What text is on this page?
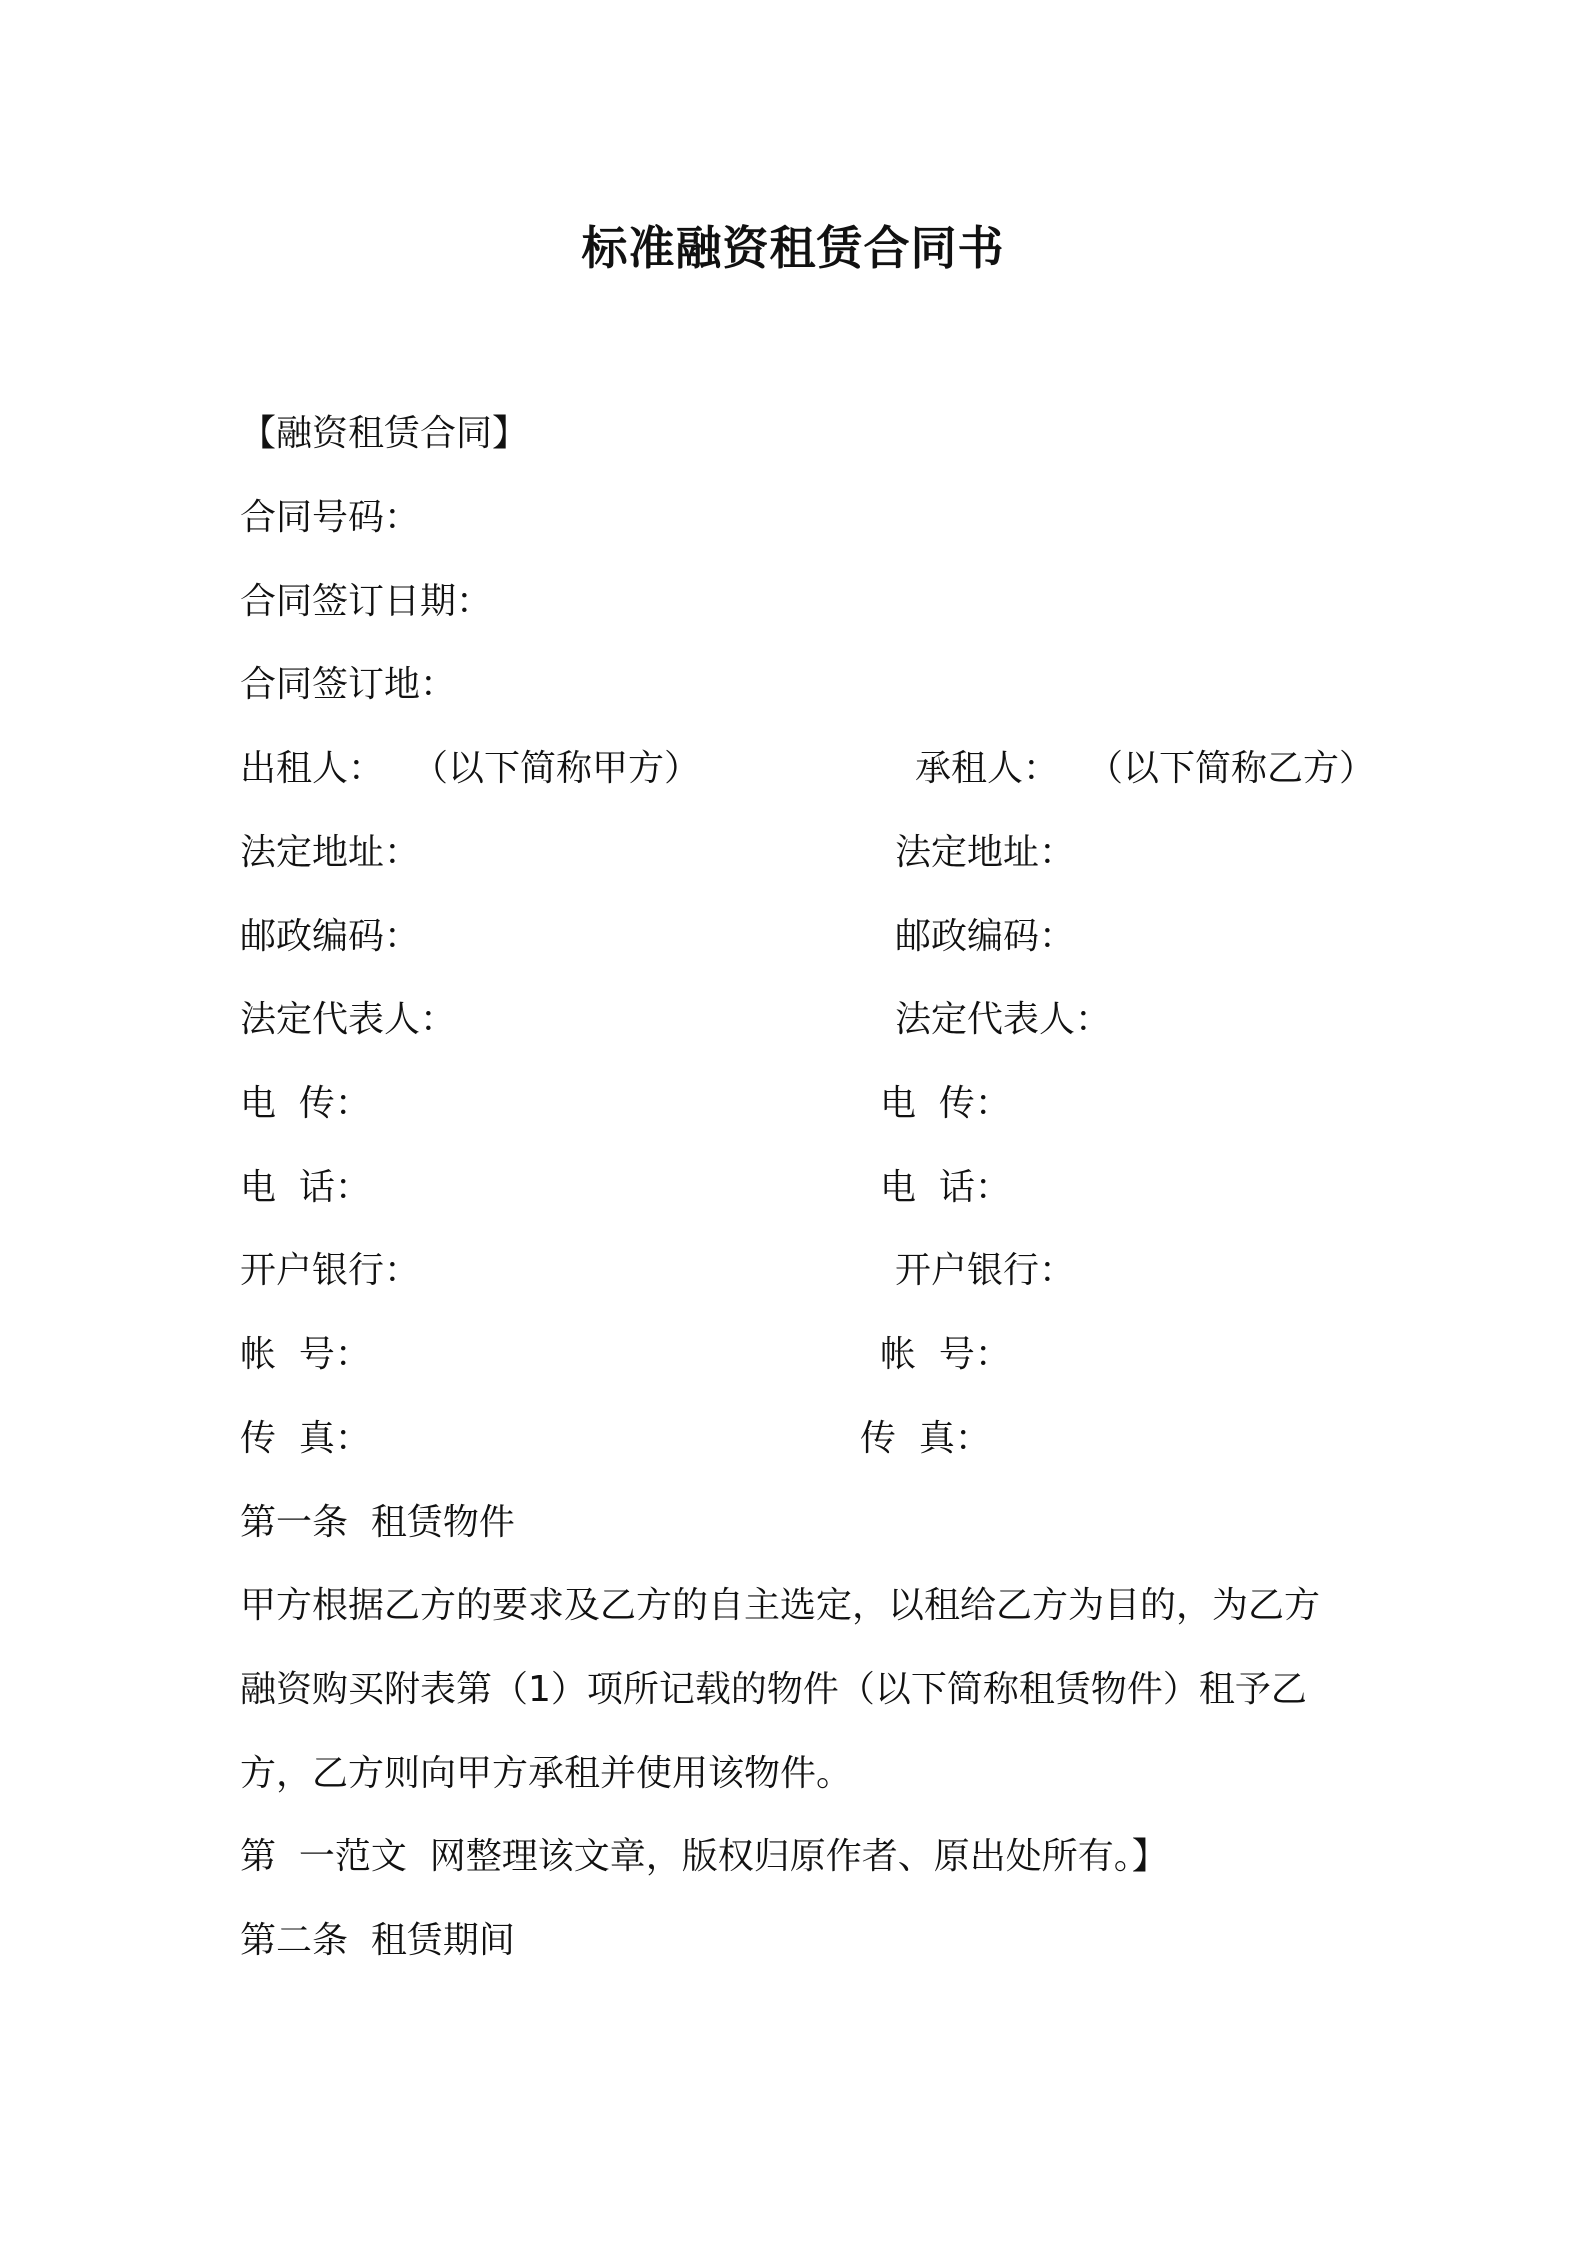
标准融资租赁合同书
【融资租赁合同】
合同号码：
合同签订日期：
合同签订地：
出租人： （以下简称甲方）	承租人： （以下简称乙方）
法定地址：
邮政编码：
法定代表人：
电  传：
电  话：
开户银行：
帐  号：
传  真：
法定地址：
邮政编码：
法定代表人：
电  传：
电  话：
开户银行：
帐  号：
传  真：
第一条  租赁物件
甲方根据乙方的要求及乙方的自主选定，以租给乙方为目的，为乙方
融资购买附表第（1）项所记载的物件（以下简称租赁物件）租予乙
方，乙方则向甲方承租并使用该物件。
第  一范文  网整理该文章，版权归原作者、原出处所有。】
第二条  租赁期间
